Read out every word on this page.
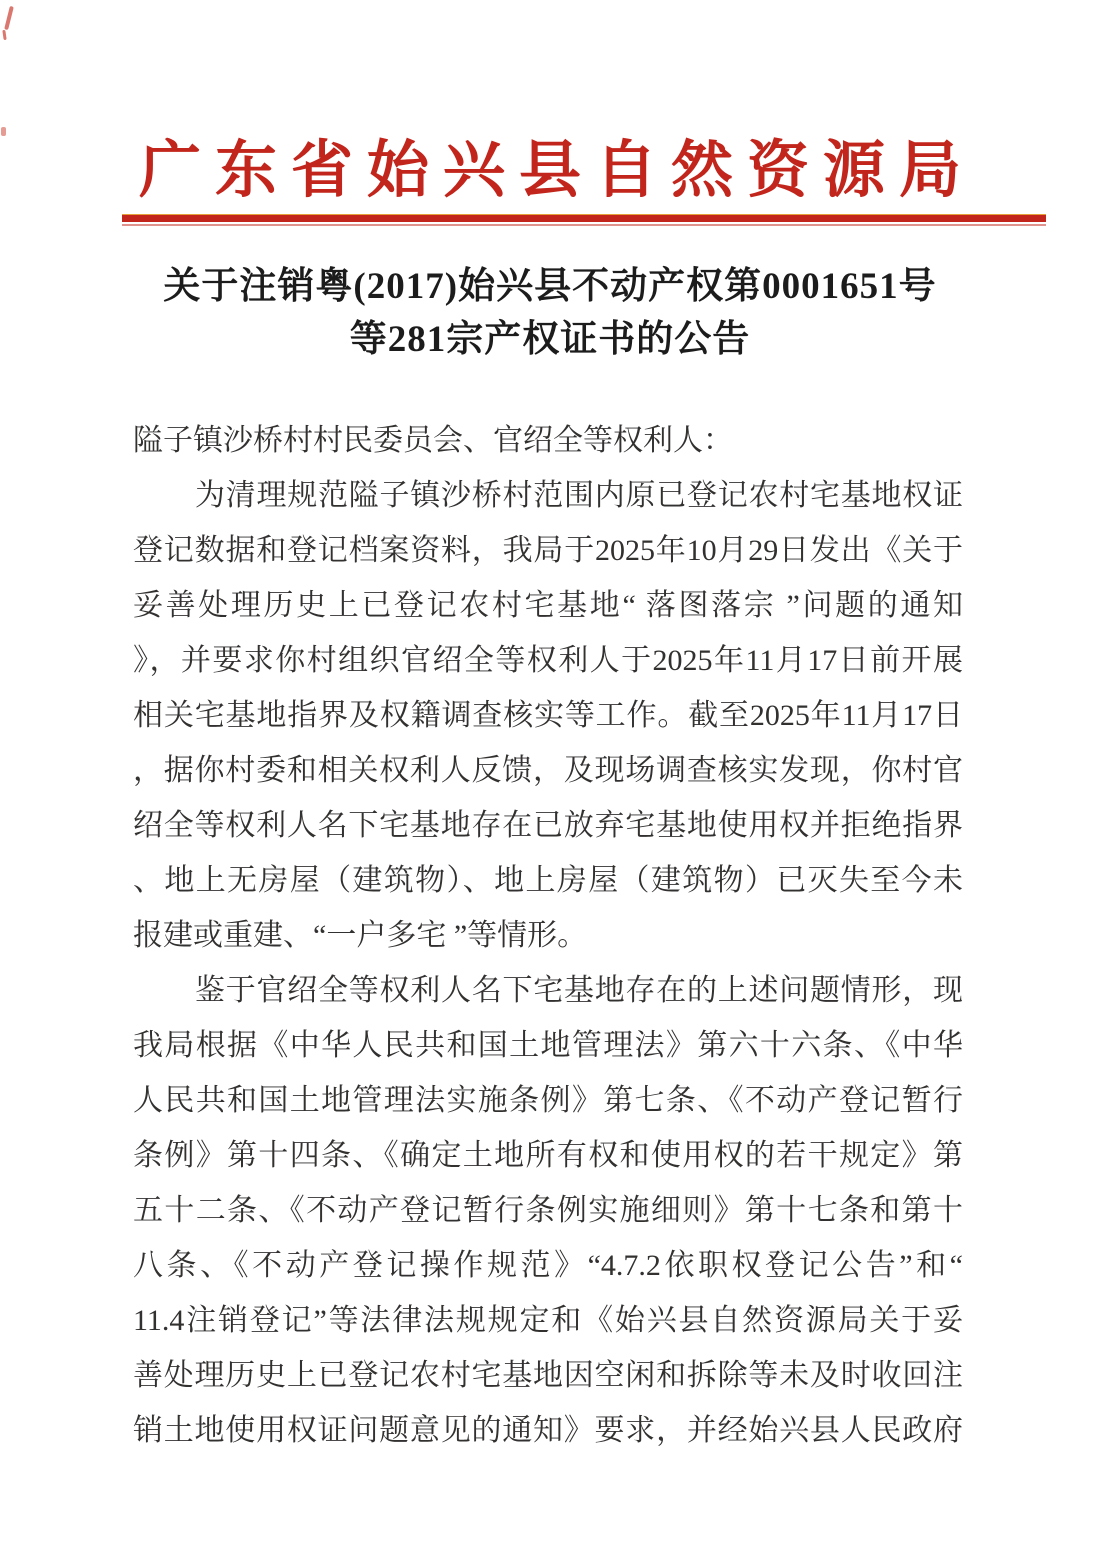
广东省始兴县自然资源局
关于注销粤(2017)始兴县不动产权第0001651号
等281宗产权证书的公告
隘子镇沙桥村村民委员会、官绍全等权利人：
为清理规范隘子镇沙桥村范围内原已登记农村宅基地权证
登记数据和登记档案资料，我局于2025年10月29日发出《关于
妥善处理历史上已登记农村宅基地“ 落图落宗 ”问题的通知
》，并要求你村组织官绍全等权利人于2025年11月17日前开展
相关宅基地指界及权籍调查核实等工作。截至2025年11月17日
，据你村委和相关权利人反馈，及现场调查核实发现，你村官
绍全等权利人名下宅基地存在已放弃宅基地使用权并拒绝指界
、地上无房屋（建筑物）、地上房屋（建筑物）已灭失至今未
报建或重建、“一户多宅 ”等情形。
鉴于官绍全等权利人名下宅基地存在的上述问题情形，现
我局根据《中华人民共和国土地管理法》第六十六条、《中华
人民共和国土地管理法实施条例》第七条、《不动产登记暂行
条例》第十四条、《确定土地所有权和使用权的若干规定》第
五十二条、《不动产登记暂行条例实施细则》第十七条和第十
八条、《不动产登记操作规范》“4.7.2依职权登记公告”和“
11.4注销登记”等法律法规规定和《始兴县自然资源局关于妥
善处理历史上已登记农村宅基地因空闲和拆除等未及时收回注
销土地使用权证问题意见的通知》要求，并经始兴县人民政府
